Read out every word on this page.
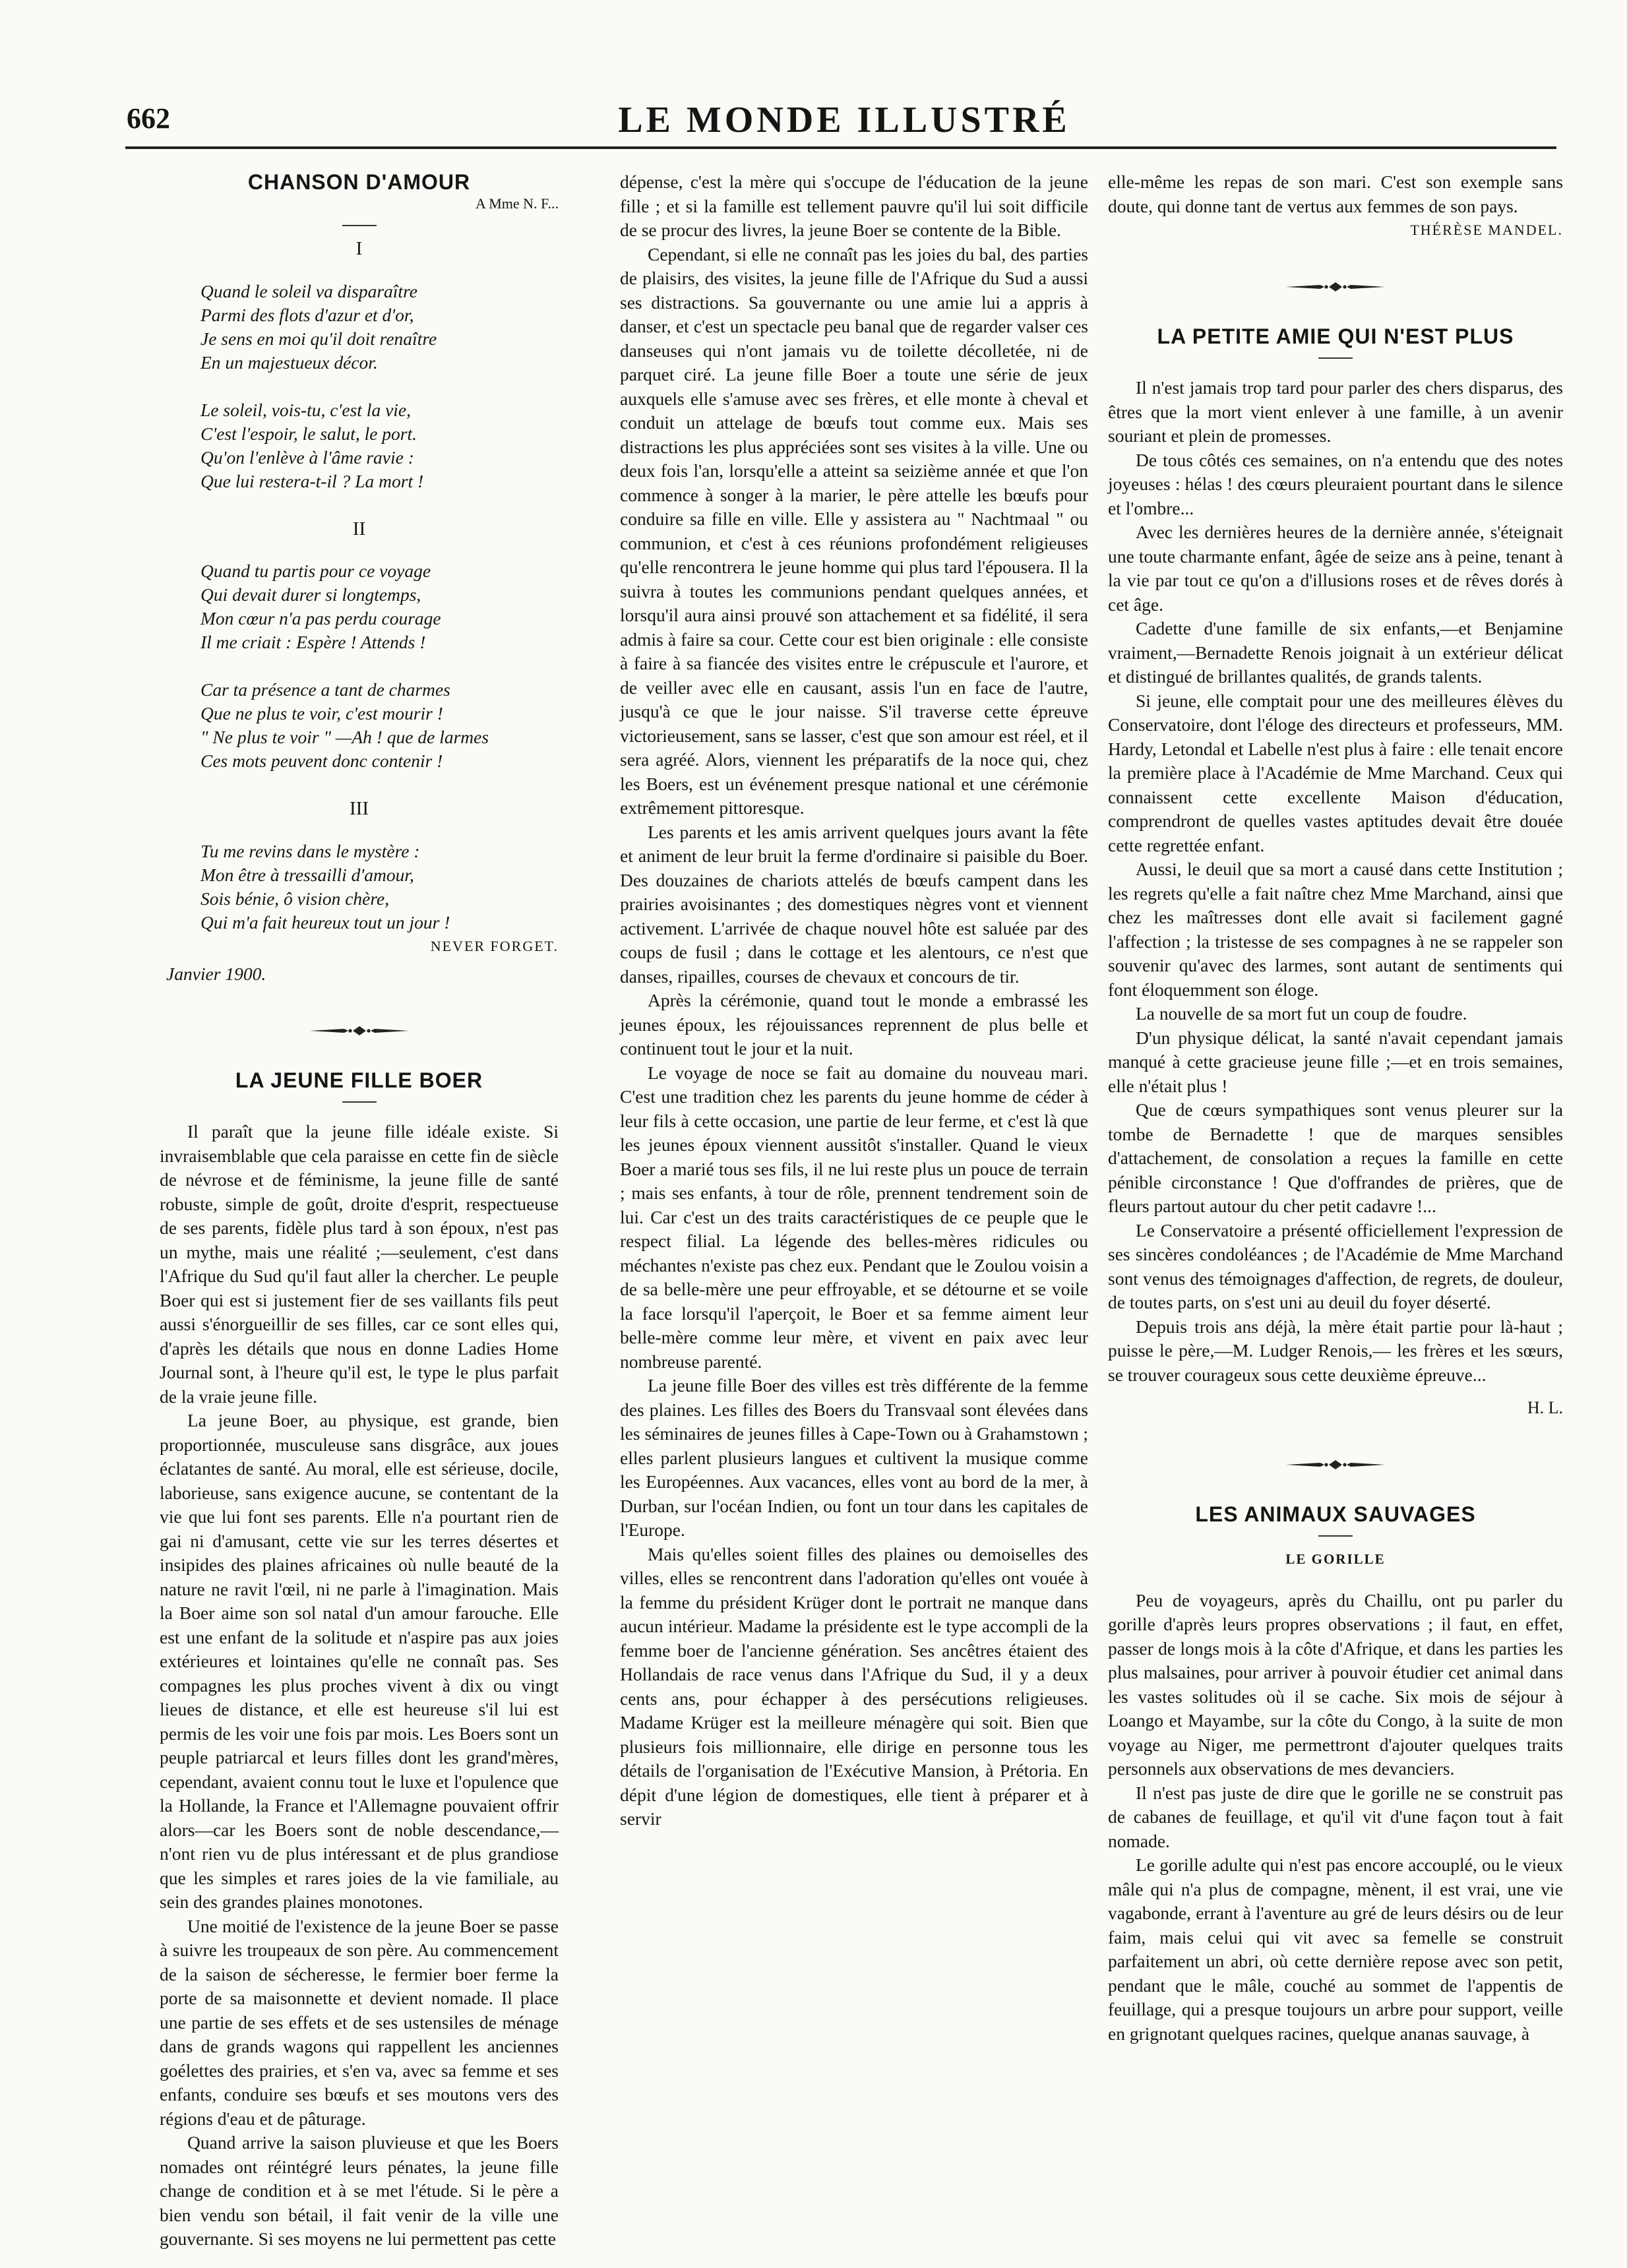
662	LE MONDE ILLUSTRÉ
CHANSON D'AMOUR
A Mme N. F...
I
Quand le soleil va disparaître
Parmi des flots d'azur et d'or,
Je sens en moi qu'il doit renaître
En un majestueux décor.
Le soleil, vois-tu, c'est la vie,
C'est l'espoir, le salut, le port.
Qu'on l'enlève à l'âme ravie :
Que lui restera-t-il ? La mort !
II
Quand tu partis pour ce voyage
Qui devait durer si longtemps,
Mon cœur n'a pas perdu courage
Il me criait : Espère ! Attends !
Car ta présence a tant de charmes
Que ne plus te voir, c'est mourir !
" Ne plus te voir " —Ah ! que de larmes
Ces mots peuvent donc contenir !
III
Tu me revins dans le mystère :
Mon être à tressailli d'amour,
Sois bénie, ô vision chère,
Qui m'a fait heureux tout un jour !
NEVER FORGET.
Janvier 1900.
LA JEUNE FILLE BOER

Il paraît que la jeune fille idéale existe. Si invraisemblable que cela paraisse en cette fin de siècle de névrose et de féminisme, la jeune fille de santé robuste, simple de goût, droite d'esprit, respectueuse de ses parents, fidèle plus tard à son époux, n'est pas un mythe, mais une réalité ;—seulement, c'est dans l'Afrique du Sud qu'il faut aller la chercher. Le peuple Boer qui est si justement fier de ses vaillants fils peut aussi s'énorgueillir de ses filles, car ce sont elles qui, d'après les détails que nous en donne Ladies Home Journal sont, à l'heure qu'il est, le type le plus parfait de la vraie jeune fille.

La jeune Boer, au physique, est grande, bien proportionnée, musculeuse sans disgrâce, aux joues éclatantes de santé. Au moral, elle est sérieuse, docile, laborieuse, sans exigence aucune, se contentant de la vie que lui font ses parents. Elle n'a pourtant rien de gai ni d'amusant, cette vie sur les terres désertes et insipides des plaines africaines où nulle beauté de la nature ne ravit l'œil, ni ne parle à l'imagination. Mais la Boer aime son sol natal d'un amour farouche. Elle est une enfant de la solitude et n'aspire pas aux joies extérieures et lointaines qu'elle ne connaît pas. Ses compagnes les plus proches vivent à dix ou vingt lieues de distance, et elle est heureuse s'il lui est permis de les voir une fois par mois. Les Boers sont un peuple patriarcal et leurs filles dont les grand'mères, cependant, avaient connu tout le luxe et l'opulence que la Hollande, la France et l'Allemagne pouvaient offrir alors—car les Boers sont de noble descendance,—n'ont rien vu de plus intéressant et de plus grandiose que les simples et rares joies de la vie familiale, au sein des grandes plaines monotones.

Une moitié de l'existence de la jeune Boer se passe à suivre les troupeaux de son père. Au commencement de la saison de sécheresse, le fermier boer ferme la porte de sa maisonnette et devient nomade. Il place une partie de ses effets et de ses ustensiles de ménage dans de grands wagons qui rappellent les anciennes goélettes des prairies, et s'en va, avec sa femme et ses enfants, conduire ses bœufs et ses moutons vers des régions d'eau et de pâturage.

Quand arrive la saison pluvieuse et que les Boers nomades ont réintégré leurs pénates, la jeune fille change de condition et à se met l'étude. Si le père a bien vendu son bétail, il fait venir de la ville une gouvernante. Si ses moyens ne lui permettent pas cette

dépense, c'est la mère qui s'occupe de l'éducation de la jeune fille ; et si la famille est tellement pauvre qu'il lui soit difficile de se procur des livres, la jeune Boer se contente de la Bible.

Cependant, si elle ne connaît pas les joies du bal, des parties de plaisirs, des visites, la jeune fille de l'Afrique du Sud a aussi ses distractions. Sa gouvernante ou une amie lui a appris à danser, et c'est un spectacle peu banal que de regarder valser ces danseuses qui n'ont jamais vu de toilette décolletée, ni de parquet ciré. La jeune fille Boer a toute une série de jeux auxquels elle s'amuse avec ses frères, et elle monte à cheval et conduit un attelage de bœufs tout comme eux. Mais ses distractions les plus appréciées sont ses visites à la ville. Une ou deux fois l'an, lorsqu'elle a atteint sa seizième année et que l'on commence à songer à la marier, le père attelle les bœufs pour conduire sa fille en ville. Elle y assistera au " Nachtmaal " ou communion, et c'est à ces réunions profondément religieuses qu'elle rencontrera le jeune homme qui plus tard l'épousera. Il la suivra à toutes les communions pendant quelques années, et lorsqu'il aura ainsi prouvé son attachement et sa fidélité, il sera admis à faire sa cour. Cette cour est bien originale : elle consiste à faire à sa fiancée des visites entre le crépuscule et l'aurore, et de veiller avec elle en causant, assis l'un en face de l'autre, jusqu'à ce que le jour naisse. S'il traverse cette épreuve victorieusement, sans se lasser, c'est que son amour est réel, et il sera agréé. Alors, viennent les préparatifs de la noce qui, chez les Boers, est un événement presque national et une cérémonie extrêmement pittoresque.

Les parents et les amis arrivent quelques jours avant la fête et animent de leur bruit la ferme d'ordinaire si paisible du Boer. Des douzaines de chariots attelés de bœufs campent dans les prairies avoisinantes ; des domestiques nègres vont et viennent activement. L'arrivée de chaque nouvel hôte est saluée par des coups de fusil ; dans le cottage et les alentours, ce n'est que danses, ripailles, courses de chevaux et concours de tir.

Après la cérémonie, quand tout le monde a embrassé les jeunes époux, les réjouissances reprennent de plus belle et continuent tout le jour et la nuit.

Le voyage de noce se fait au domaine du nouveau mari. C'est une tradition chez les parents du jeune homme de céder à leur fils à cette occasion, une partie de leur ferme, et c'est là que les jeunes époux viennent aussitôt s'installer. Quand le vieux Boer a marié tous ses fils, il ne lui reste plus un pouce de terrain ; mais ses enfants, à tour de rôle, prennent tendrement soin de lui. Car c'est un des traits caractéristiques de ce peuple que le respect filial. La légende des belles-mères ridicules ou méchantes n'existe pas chez eux. Pendant que le Zoulou voisin a de sa belle-mère une peur effroyable, et se détourne et se voile la face lorsqu'il l'aperçoit, le Boer et sa femme aiment leur belle-mère comme leur mère, et vivent en paix avec leur nombreuse parenté.

La jeune fille Boer des villes est très différente de la femme des plaines. Les filles des Boers du Transvaal sont élevées dans les séminaires de jeunes filles à Cape-Town ou à Grahamstown ; elles parlent plusieurs langues et cultivent la musique comme les Européennes. Aux vacances, elles vont au bord de la mer, à Durban, sur l'océan Indien, ou font un tour dans les capitales de l'Europe.

Mais qu'elles soient filles des plaines ou demoiselles des villes, elles se rencontrent dans l'adoration qu'elles ont vouée à la femme du président Krüger dont le portrait ne manque dans aucun intérieur. Madame la présidente est le type accompli de la femme boer de l'ancienne génération. Ses ancêtres étaient des Hollandais de race venus dans l'Afrique du Sud, il y a deux cents ans, pour échapper à des persécutions religieuses. Madame Krüger est la meilleure ménagère qui soit. Bien que plusieurs fois millionnaire, elle dirige en personne tous les détails de l'organisation de l'Exécutive Mansion, à Prétoria. En dépit d'une légion de domestiques, elle tient à préparer et à servir

elle-même les repas de son mari. C'est son exemple sans doute, qui donne tant de vertus aux femmes de son pays.

THÉRÈSE MANDEL.
LA PETITE AMIE QUI N'EST PLUS

Il n'est jamais trop tard pour parler des chers disparus, des êtres que la mort vient enlever à une famille, à un avenir souriant et plein de promesses.

De tous côtés ces semaines, on n'a entendu que des notes joyeuses : hélas ! des cœurs pleuraient pourtant dans le silence et l'ombre...

Avec les dernières heures de la dernière année, s'éteignait une toute charmante enfant, âgée de seize ans à peine, tenant à la vie par tout ce qu'on a d'illusions roses et de rêves dorés à cet âge.

Cadette d'une famille de six enfants,—et Benjamine vraiment,—Bernadette Renois joignait à un extérieur délicat et distingué de brillantes qualités, de grands talents.

Si jeune, elle comptait pour une des meilleures élèves du Conservatoire, dont l'éloge des directeurs et professeurs, MM. Hardy, Letondal et Labelle n'est plus à faire : elle tenait encore la première place à l'Académie de Mme Marchand. Ceux qui connaissent cette excellente Maison d'éducation, comprendront de quelles vastes aptitudes devait être douée cette regrettée enfant.

Aussi, le deuil que sa mort a causé dans cette Institution ; les regrets qu'elle a fait naître chez Mme Marchand, ainsi que chez les maîtresses dont elle avait si facilement gagné l'affection ; la tristesse de ses compagnes à ne se rappeler son souvenir qu'avec des larmes, sont autant de sentiments qui font éloquemment son éloge.

La nouvelle de sa mort fut un coup de foudre.

D'un physique délicat, la santé n'avait cependant jamais manqué à cette gracieuse jeune fille ;—et en trois semaines, elle n'était plus !

Que de cœurs sympathiques sont venus pleurer sur la tombe de Bernadette ! que de marques sensibles d'attachement, de consolation a reçues la famille en cette pénible circonstance ! Que d'offrandes de prières, que de fleurs partout autour du cher petit cadavre !...

Le Conservatoire a présenté officiellement l'expression de ses sincères condoléances ; de l'Académie de Mme Marchand sont venus des témoignages d'affection, de regrets, de douleur, de toutes parts, on s'est uni au deuil du foyer déserté.

Depuis trois ans déjà, la mère était partie pour là-haut ; puisse le père,—M. Ludger Renois,— les frères et les sœurs, se trouver courageux sous cette deuxième épreuve...

H. L.
LES ANIMAUX SAUVAGES
LE GORILLE

Peu de voyageurs, après du Chaillu, ont pu parler du gorille d'après leurs propres observations ; il faut, en effet, passer de longs mois à la côte d'Afrique, et dans les parties les plus malsaines, pour arriver à pouvoir étudier cet animal dans les vastes solitudes où il se cache. Six mois de séjour à Loango et Mayambe, sur la côte du Congo, à la suite de mon voyage au Niger, me permettront d'ajouter quelques traits personnels aux observations de mes devanciers.

Il n'est pas juste de dire que le gorille ne se construit pas de cabanes de feuillage, et qu'il vit d'une façon tout à fait nomade.

Le gorille adulte qui n'est pas encore accouplé, ou le vieux mâle qui n'a plus de compagne, mènent, il est vrai, une vie vagabonde, errant à l'aventure au gré de leurs désirs ou de leur faim, mais celui qui vit avec sa femelle se construit parfaitement un abri, où cette dernière repose avec son petit, pendant que le mâle, couché au sommet de l'appentis de feuillage, qui a presque toujours un arbre pour support, veille en grignotant quelques racines, quelque ananas sauvage, à
